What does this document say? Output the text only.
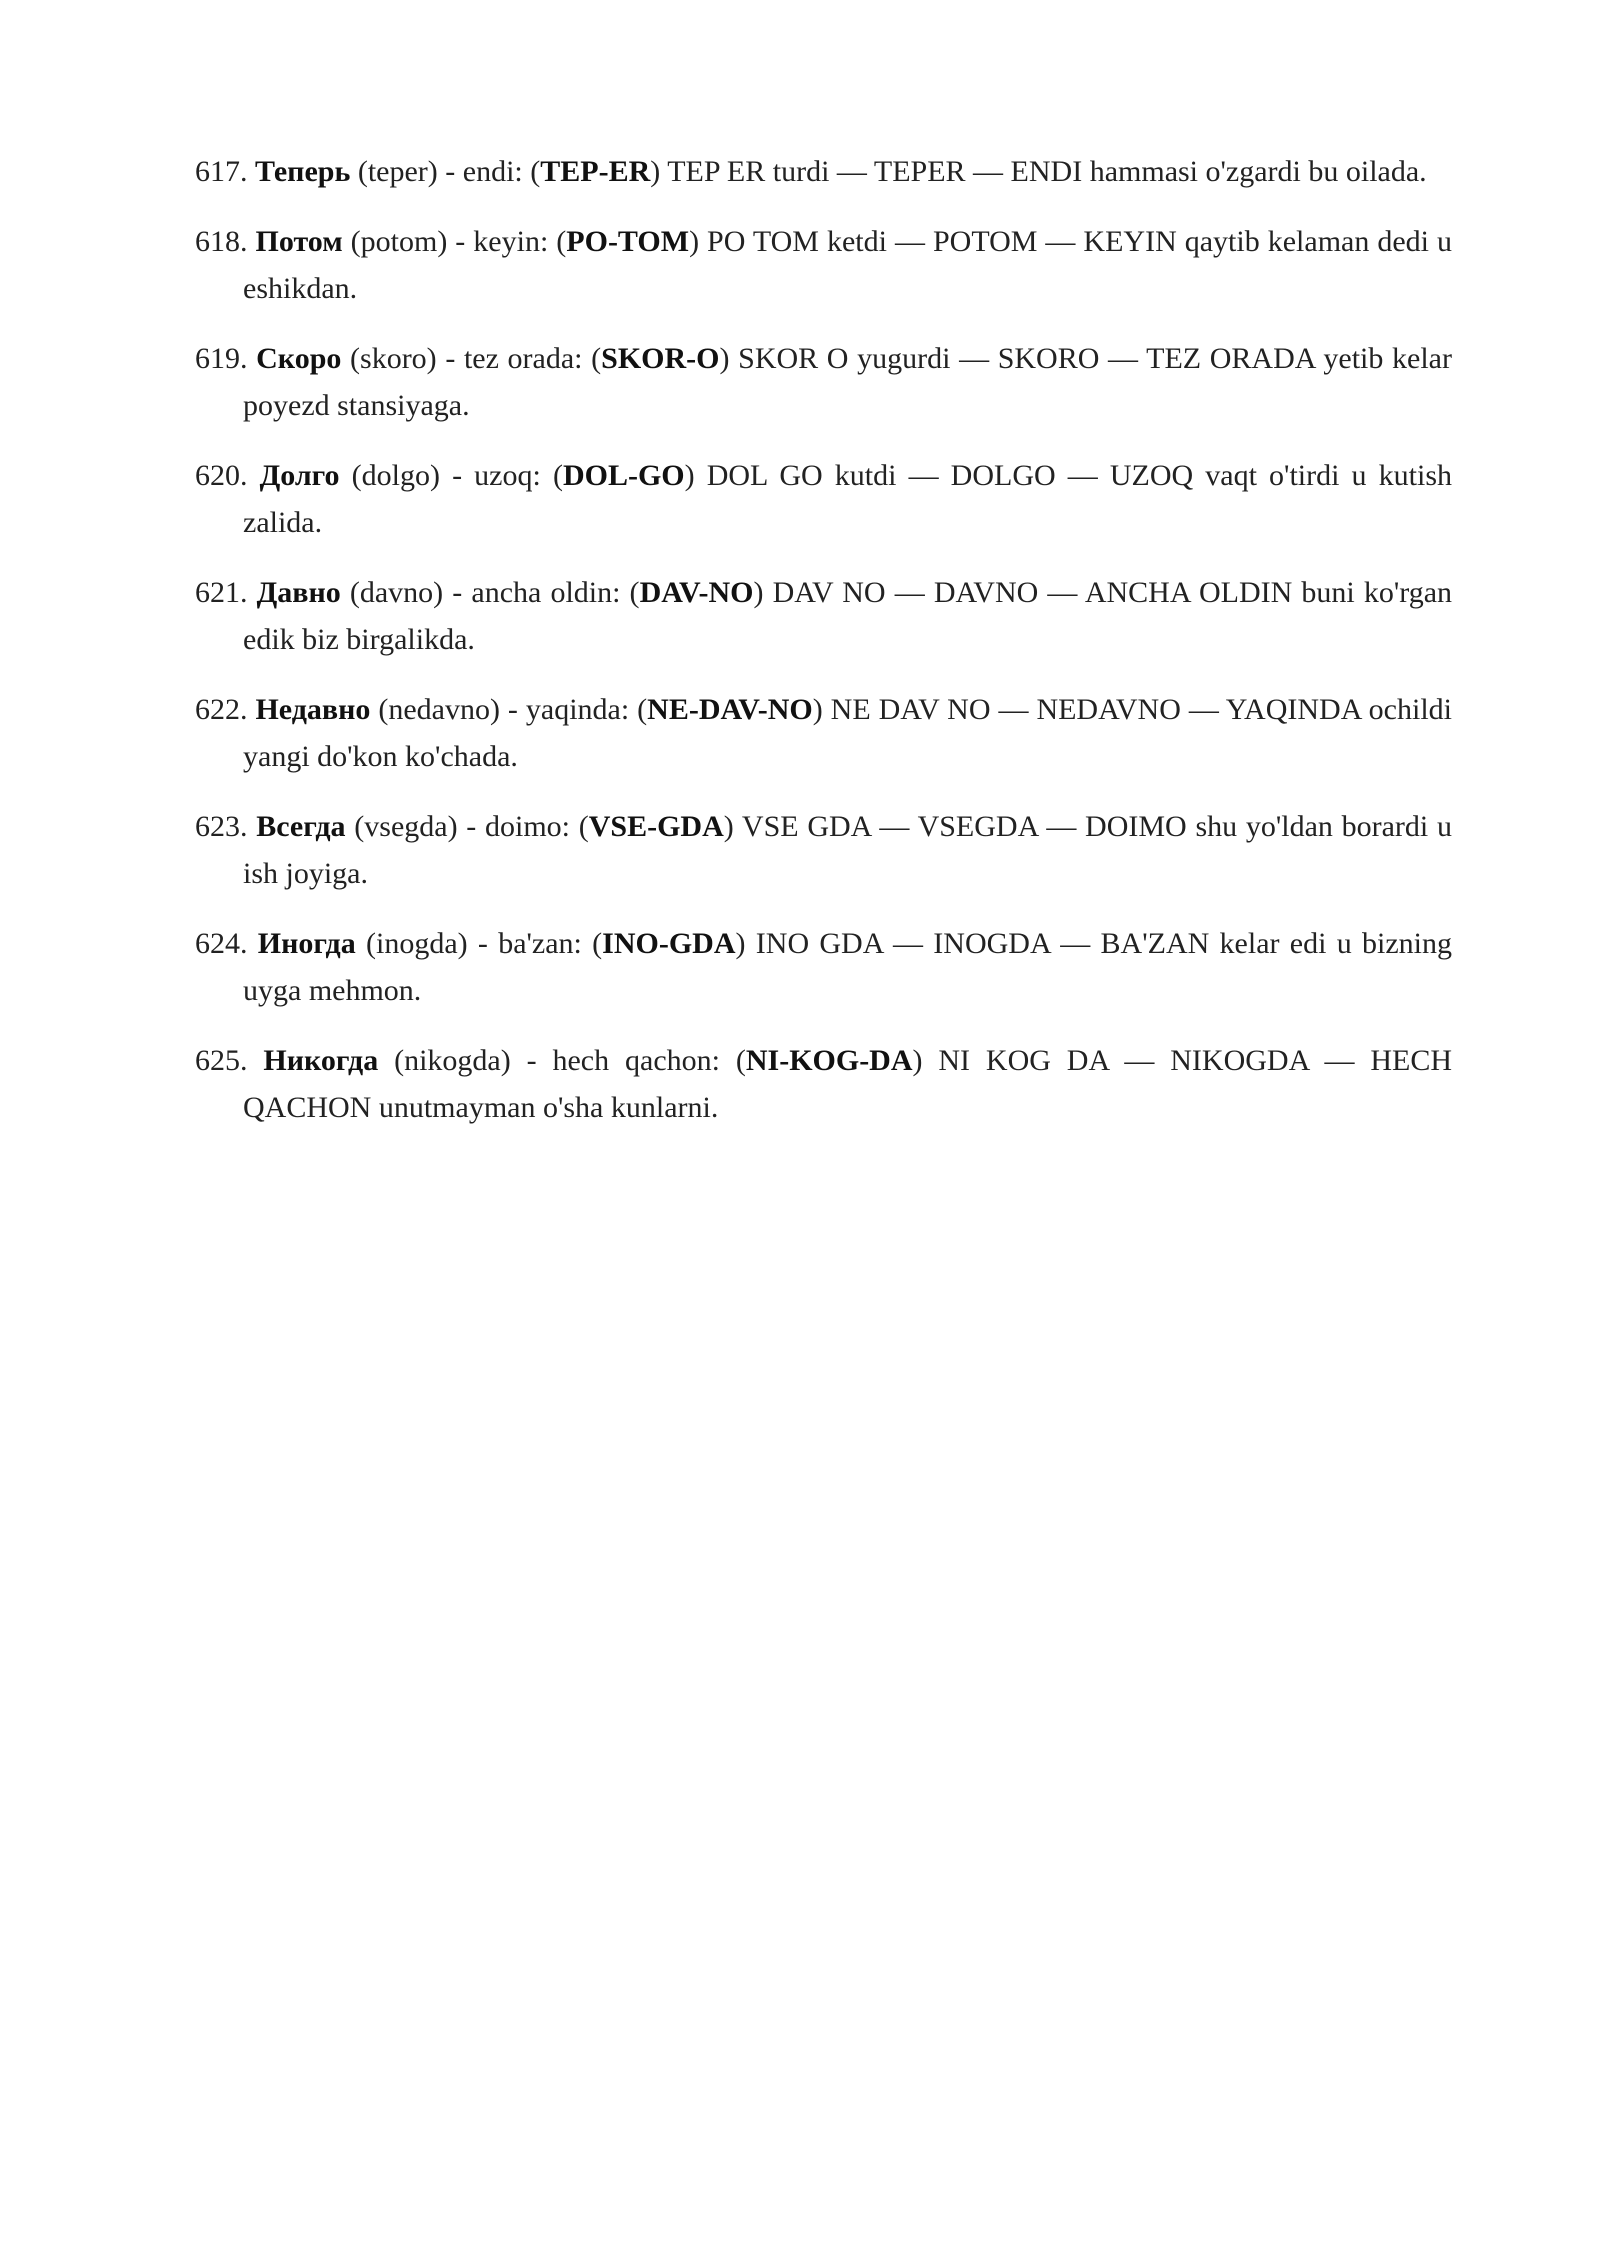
617. Теперь (teper) - endi: (TEP-ER) TEP ER turdi — TEPER — ENDI hammasi o'zgardi bu oilada.
618. Потом (potom) - keyin: (PO-TOM) PO TOM ketdi — POTOM — KEYIN qaytib kelaman dedi u eshikdan.
619. Скоро (skoro) - tez orada: (SKOR-O) SKOR O yugurdi — SKORO — TEZ ORADA yetib kelar poyezd stansiyaga.
620. Долго (dolgo) - uzoq: (DOL-GO) DOL GO kutdi — DOLGO — UZOQ vaqt o'tirdi u kutish zalida.
621. Давно (davno) - ancha oldin: (DAV-NO) DAV NO — DAVNO — ANCHA OLDIN buni ko'rgan edik biz birgalikda.
622. Недавно (nedavno) - yaqinda: (NE-DAV-NO) NE DAV NO — NEDAVNO — YAQINDA ochildi yangi do'kon ko'chada.
623. Всегда (vsegda) - doimo: (VSE-GDA) VSE GDA — VSEGDA — DOIMO shu yo'ldan borardi u ish joyiga.
624. Иногда (inogda) - ba'zan: (INO-GDA) INO GDA — INOGDA — BA'ZAN kelar edi u bizning uyga mehmon.
625. Никогда (nikogda) - hech qachon: (NI-KOG-DA) NI KOG DA — NIKOGDA — HECH QACHON unutmayman o'sha kunlarni.
